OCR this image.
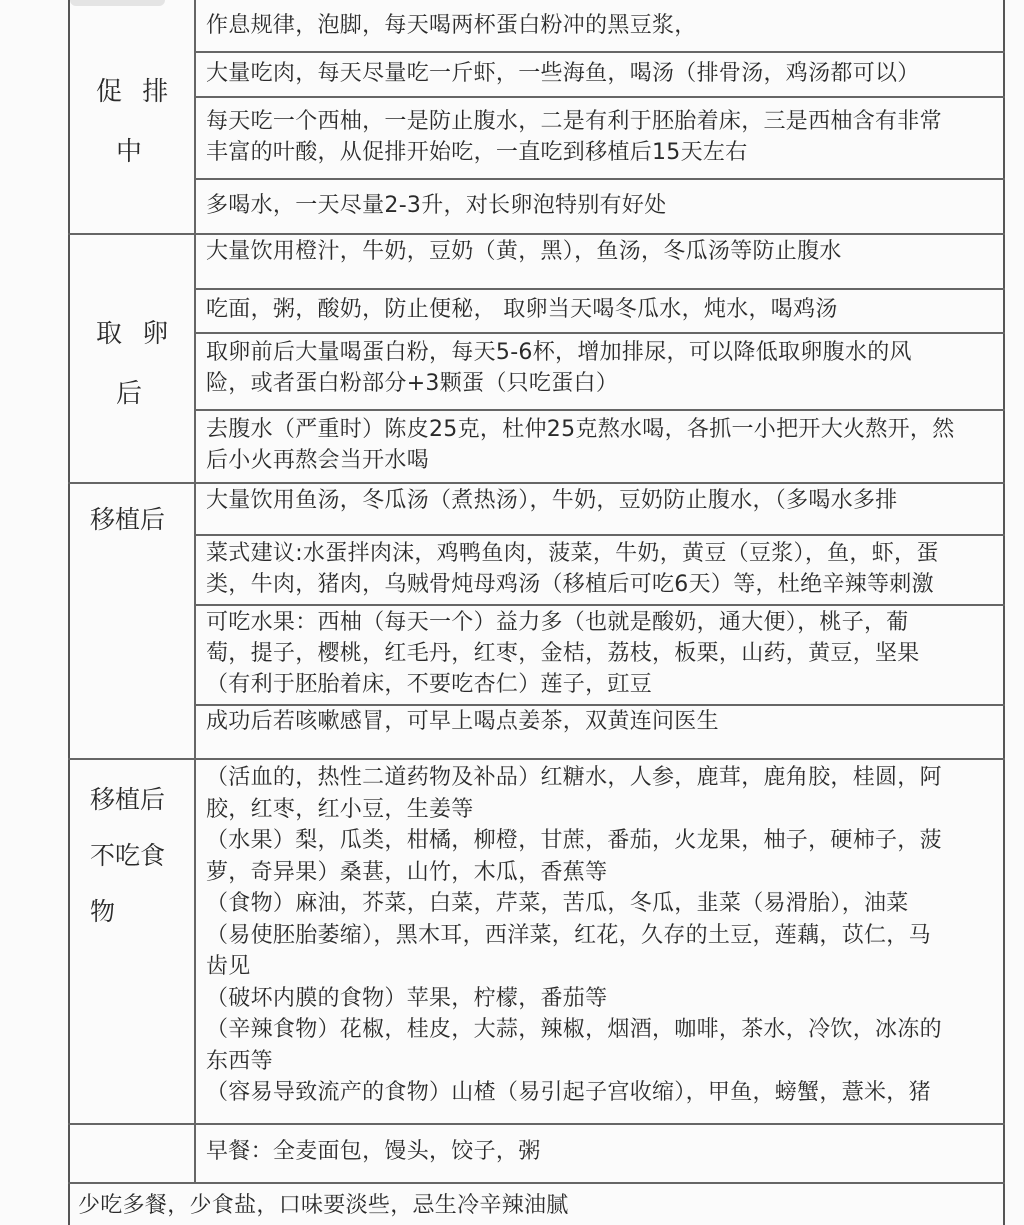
促 排
中
作息规律，泡脚，每天喝两杯蛋白粉冲的黑豆浆，
大量吃肉，每天尽量吃一斤虾，一些海鱼，喝汤（排骨汤，鸡汤都可以）
每天吃一个西柚，一是防止腹水，二是有利于胚胎着床，三是西柚含有非常
丰富的叶酸，从促排开始吃，一直吃到移植后15天左右
多喝水，一天尽量2-3升，对长卵泡特别有好处
取 卵
后
大量饮用橙汁，牛奶，豆奶（黄，黑），鱼汤，冬瓜汤等防止腹水
吃面，粥，酸奶，防止便秘， 取卵当天喝冬瓜水，炖水，喝鸡汤
取卵前后大量喝蛋白粉，每天5-6杯，增加排尿，可以降低取卵腹水的风
险，或者蛋白粉部分+3颗蛋（只吃蛋白）
去腹水（严重时）陈皮25克，杜仲25克熬水喝，各抓一小把开大火熬开，然
后小火再熬会当开水喝
移植后
大量饮用鱼汤，冬瓜汤（煮热汤），牛奶，豆奶防止腹水，（多喝水多排
菜式建议:水蛋拌肉沫，鸡鸭鱼肉，菠菜，牛奶，黄豆（豆浆），鱼，虾，蛋
类，牛肉，猪肉，乌贼骨炖母鸡汤（移植后可吃6天）等，杜绝辛辣等刺激
可吃水果：西柚（每天一个）益力多（也就是酸奶，通大便），桃子，葡
萄，提子，樱桃，红毛丹，红枣，金桔，荔枝，板栗，山药，黄豆，坚果
（有利于胚胎着床，不要吃杏仁）莲子，豇豆
成功后若咳嗽感冒，可早上喝点姜茶，双黄连问医生
移植后
不吃食
物
（活血的，热性二道药物及补品）红糖水，人参，鹿茸，鹿角胶，桂圆，阿
胶，红枣，红小豆，生姜等
（水果）梨，瓜类，柑橘，柳橙，甘蔗，番茄，火龙果，柚子，硬柿子，菠
萝，奇异果）桑葚，山竹，木瓜，香蕉等
（食物）麻油，芥菜，白菜，芹菜，苦瓜，冬瓜，韭菜（易滑胎），油菜
（易使胚胎萎缩），黑木耳，西洋菜，红花，久存的土豆，莲藕，苡仁，马
齿见
（破坏内膜的食物）苹果，柠檬，番茄等
（辛辣食物）花椒，桂皮，大蒜，辣椒，烟酒，咖啡，茶水，冷饮，冰冻的
东西等
（容易导致流产的食物）山楂（易引起子宫收缩），甲鱼，螃蟹，薏米，猪
早餐：全麦面包，馒头，饺子，粥
少吃多餐，少食盐，口味要淡些，忌生冷辛辣油腻
